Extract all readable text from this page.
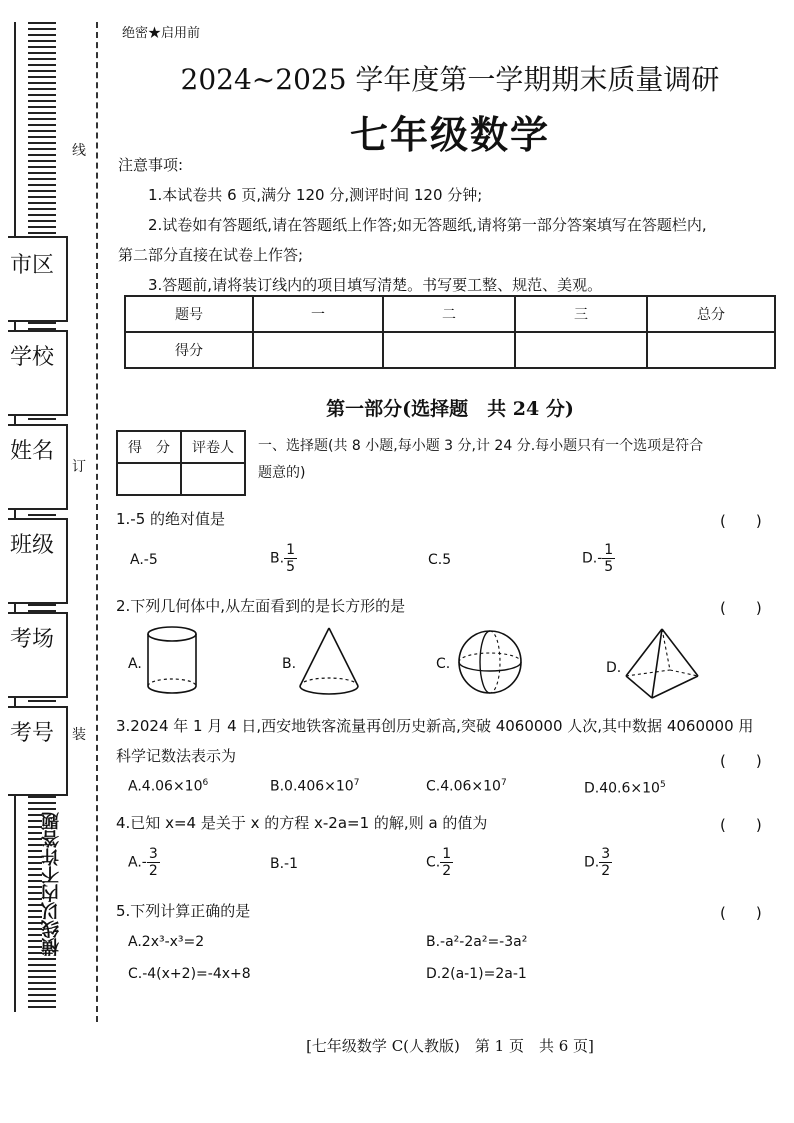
市区
学校
姓名
班级
考场
考号
线
订
装
横线以内不许答题
绝密★启用前
2024~2025 学年度第一学期期末质量调研
七年级数学

注意事项:

1.本试卷共 6 页,满分 120 分,测评时间 120 分钟;

2.试卷如有答题纸,请在答题纸上作答;如无答题纸,请将第一部分答案填写在答题栏内,

第二部分直接在试卷上作答;

3.答题前,请将装订线内的项目填写清楚。书写要工整、规范、美观。

题号	一	二	三	总分
得分				
第一部分(选择题　共 24 分)
得　分	评卷人
	一、选择题(共 8 小题,每小题 3 分,计 24 分.每小题只有一个选项是符合
题意的)
1.-5 的绝对值是	(　　)
A.-5	B. $\frac{1}{5}$	C.5	$D.- \frac{1}{5}$
2.下列几何体中,从左面看到的是长方形的是	(　　)
A.	B.	C.	D.
3.2024 年 1 月 4 日,西安地铁客流量再创历史新高,突破 4060000 人次,其中数据 4060000 用
科学记数法表示为	(　　)
$A.4.06\times 10^6$	$B.0.406\times 10^7$	$C.4.06\times 10^7$	$D.40.6\times 10^5$
4.已知 x=4 是关于 x 的方程 x-2a=1 的解,则 a 的值为	(　　)
$A.- \frac{3}{2}$	B.-1	C. $\frac{1}{2}$	D. $\frac{3}{2}$
5.下列计算正确的是	(　　)
A.2x³-x³=2	B.-a²-2a²=-3a²
C.-4(x+2)=-4x+8	D.2(a-1)=2a-1
[七年级数学 C(人教版)　第 1 页　共 6 页]
